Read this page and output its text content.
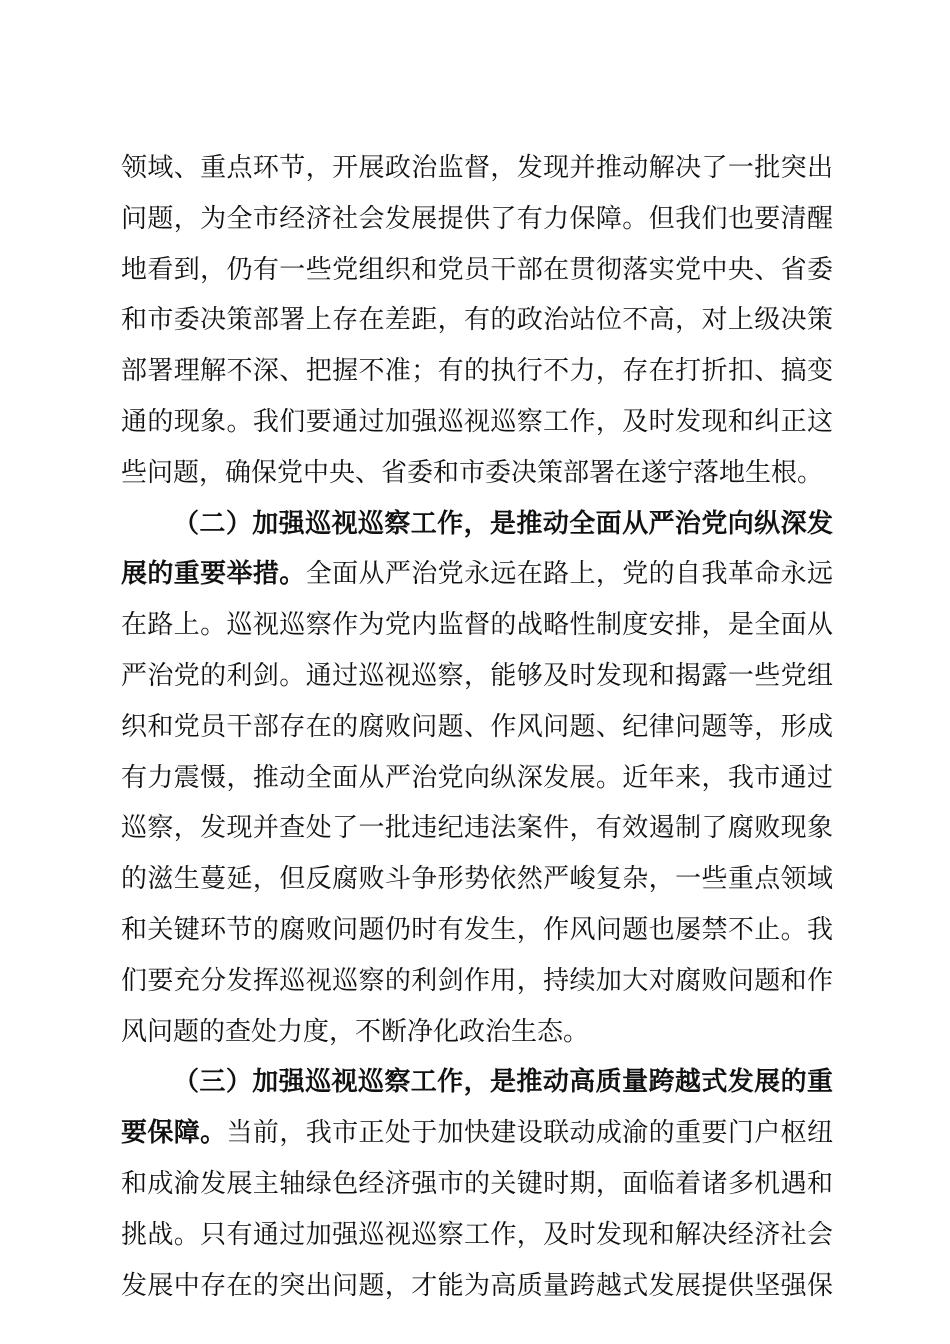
领域、重点环节，开展政治监督，发现并推动解决了一批突出
问题，为全市经济社会发展提供了有力保障。但我们也要清醒
地看到，仍有一些党组织和党员干部在贯彻落实党中央、省委
和市委决策部署上存在差距，有的政治站位不高，对上级决策
部署理解不深、把握不准；有的执行不力，存在打折扣、搞变
通的现象。我们要通过加强巡视巡察工作，及时发现和纠正这
些问题，确保党中央、省委和市委决策部署在遂宁落地生根。
（二）加强巡视巡察工作，是推动全面从严治党向纵深发
展的重要举措。全面从严治党永远在路上，党的自我革命永远
在路上。巡视巡察作为党内监督的战略性制度安排，是全面从
严治党的利剑。通过巡视巡察，能够及时发现和揭露一些党组
织和党员干部存在的腐败问题、作风问题、纪律问题等，形成
有力震慑，推动全面从严治党向纵深发展。近年来，我市通过
巡察，发现并查处了一批违纪违法案件，有效遏制了腐败现象
的滋生蔓延，但反腐败斗争形势依然严峻复杂，一些重点领域
和关键环节的腐败问题仍时有发生，作风问题也屡禁不止。我
们要充分发挥巡视巡察的利剑作用，持续加大对腐败问题和作
风问题的查处力度，不断净化政治生态。
（三）加强巡视巡察工作，是推动高质量跨越式发展的重
要保障。当前，我市正处于加快建设联动成渝的重要门户枢纽
和成渝发展主轴绿色经济强市的关键时期，面临着诸多机遇和
挑战。只有通过加强巡视巡察工作，及时发现和解决经济社会
发展中存在的突出问题，才能为高质量跨越式发展提供坚强保
